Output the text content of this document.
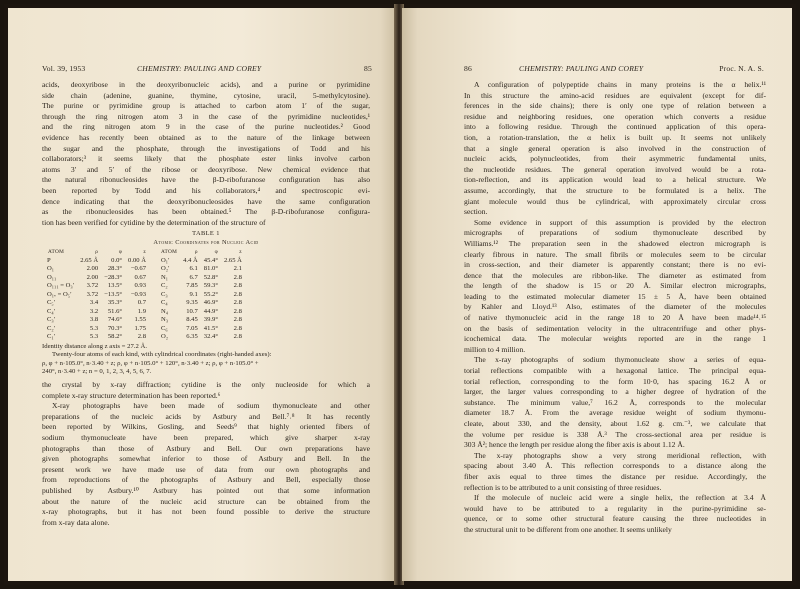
Vol. 39, 1953	CHEMISTRY: PAULING AND COREY	85
acids, deoxyribose in the deoxyribonucleic acids), and a purine or pyrimidine
side chain (adenine, guanine, thymine, cytosine, uracil, 5-methylcytosine).
The purine or pyrimidine group is attached to carbon atom 1′ of the sugar,
through the ring nitrogen atom 3 in the case of the pyrimidine nucleotides,¹
and the ring nitrogen atom 9 in the case of the purine nucleotides.² Good
evidence has recently been obtained as to the nature of the linkage between
the sugar and the phosphate, through the investigations of Todd and his
collaborators;³ it seems likely that the phosphate ester links involve carbon
atoms 3′ and 5′ of the ribose or deoxyribose. New chemical evidence that
the natural ribonucleosides have the β-D-ribofuranose configuration has also
been reported by Todd and his collaborators,⁴ and spectroscopic evi-
dence indicating that the deoxyribonucleosides have the same configuration
as the ribonucleosides has been obtained.⁵ The β-D-ribofuranose configura-
tion has been verified for cytidine by the determination of the structure of
TABLE 1
Atomic Coordinates for Nucleic Acid
ATOM	ρ	φ	z	ATOM	ρ	φ	z
P	2.65 Å	0.0°	0.00 Å	O₁′	4.4 Å	45.4°	2.65 Å
O₁	2.00	28.3°	−0.67	O₂′	6.1	81.0°	2.1
O₁₁	2.00	−28.3°	0.67	N₁	6.7	52.8°	2.8
O₁₁₁ = O₃′	3.72	13.5°	0.93	C₂	7.85	59.3°	2.8
O₁ᵥ = O₅′	3.72	−13.5°	−0.93	C₃	9.1	55.2°	2.8
C₅′	3.4	35.3°	0.7	C₄	9.35	46.9°	2.8
C₄′	3.2	51.6°	1.9	N₄	10.7	44.9°	2.8
C₃′	3.8	74.6°	1.55	N₃	8.45	39.9°	2.8
C₂′	5.3	70.3°	1.75	C₆	7.05	41.5°	2.8
C₁′	5.3	58.2°	2.8	O₂	6.35	32.4°	2.8
Identity distance along z axis = 27.2 Å.
Twenty-four atoms of each kind, with cylindrical coordinates (right-handed axes):
ρ, φ + n·105.0°, n·3.40 + z; ρ, φ + n·105.0° + 120°, n·3.40 + z; ρ, φ + n·105.0° +
240°, n·3.40 + z; n = 0, 1, 2, 3, 4, 5, 6, 7.
the crystal by x-ray diffraction; cytidine is the only nucleoside for which a
complete x-ray structure determination has been reported.⁶
X-ray photographs have been made of sodium thymonucleate and other
preparations of the nucleic acids by Astbury and Bell.⁷˒⁸ It has recently
been reported by Wilkins, Gosling, and Seeds⁹ that highly oriented fibers of
sodium thymonucleate have been prepared, which give sharper x-ray
photographs than those of Astbury and Bell. Our own preparations have
given photographs somewhat inferior to those of Astbury and Bell. In the
present work we have made use of data from our own photographs and
from reproductions of the photographs of Astbury and Bell, especially those
published by Astbury.¹⁰ Astbury has pointed out that some information
about the nature of the nucleic acid structure can be obtained from the
x-ray photographs, but it has not been found possible to derive the structure
from x-ray data alone.
86	CHEMISTRY: PAULING AND COREY	Proc. N. A. S.
A configuration of polypeptide chains in many proteins is the α helix.¹¹
In this structure the amino-acid residues are equivalent (except for dif-
ferences in the side chains); there is only one type of relation between a
residue and neighboring residues, one operation which converts a residue
into a following residue. Through the continued application of this opera-
tion, a rotation-translation, the α helix is built up. It seems not unlikely
that a single general operation is also involved in the construction of
nucleic acids, polynucleotides, from their asymmetric fundamental units,
the nucleotide residues. The general operation involved would be a rota-
tion-reflection, and its application would lead to a helical structure. We
assume, accordingly, that the structure to be formulated is a helix. The
giant molecule would thus be cylindrical, with approximately circular cross
section.
Some evidence in support of this assumption is provided by the electron
micrographs of preparations of sodium thymonucleate described by
Williams.¹² The preparation seen in the shadowed electron micrograph is
clearly fibrous in nature. The small fibrils or molecules seem to be circular
in cross-section, and their diameter is apparently constant; there is no evi-
dence that the molecules are ribbon-like. The diameter as estimated from
the length of the shadow is 15 or 20 Å. Similar electron micrographs,
leading to the estimated molecular diameter 15 ± 5 Å, have been obtained
by Kahler and Lloyd.¹³ Also, estimates of the diameter of the molecules
of native thymonucleic acid in the range 18 to 20 Å have been made¹⁴˒¹⁵
on the basis of sedimentation velocity in the ultracentrifuge and other phys-
icochemical data. The molecular weights reported are in the range 1
million to 4 million.
The x-ray photographs of sodium thymonucleate show a series of equa-
torial reflections compatible with a hexagonal lattice. The principal equa-
torial reflection, corresponding to the form 10·0, has spacing 16.2 Å or
larger, the larger values corresponding to a higher degree of hydration of the
substance. The minimum value,⁷ 16.2 Å, corresponds to the molecular
diameter 18.7 Å. From the average residue weight of sodium thymonu-
cleate, about 330, and the density, about 1.62 g. cm.⁻³, we calculate that
the volume per residue is 338 Å.³ The cross-sectional area per residue is
303 Å²; hence the length per residue along the fiber axis is about 1.12 Å.
The x-ray photographs show a very strong meridional reflection, with
spacing about 3.40 Å. This reflection corresponds to a distance along the
fiber axis equal to three times the distance per residue. Accordingly, the
reflection is to be attributed to a unit consisting of three residues.
If the molecule of nucleic acid were a single helix, the reflection at 3.4 Å
would have to be attributed to a regularity in the purine-pyrimidine se-
quence, or to some other structural feature causing the three nucleotides in
the structural unit to be different from one another. It seems unlikely
